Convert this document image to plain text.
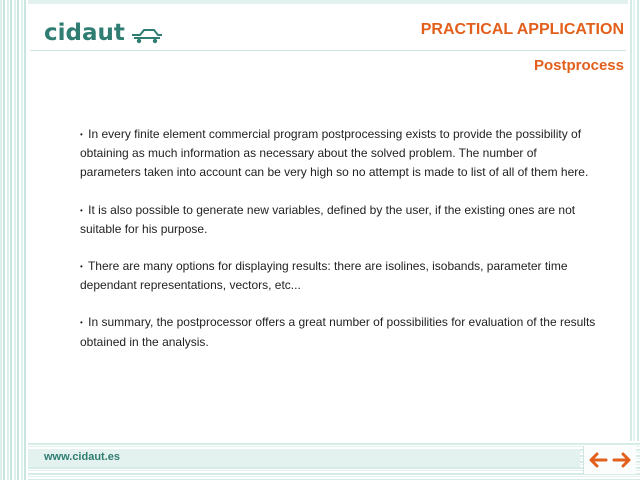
cidaut	PRACTICAL APPLICATION
Postprocess

• In every finite element commercial program postprocessing exists to provide the possibility of obtaining as much information as necessary about the solved problem. The number of parameters taken into account can be very high so no attempt is made to list of all of them here.

• It is also possible to generate new variables, defined by the user, if the existing ones are not suitable for his purpose.

• There are many options for displaying results: there are isolines, isobands, parameter time dependant representations, vectors, etc...

• In summary, the postprocessor offers a great number of possibilities for evaluation of the results obtained in the analysis.

www.cidaut.es
